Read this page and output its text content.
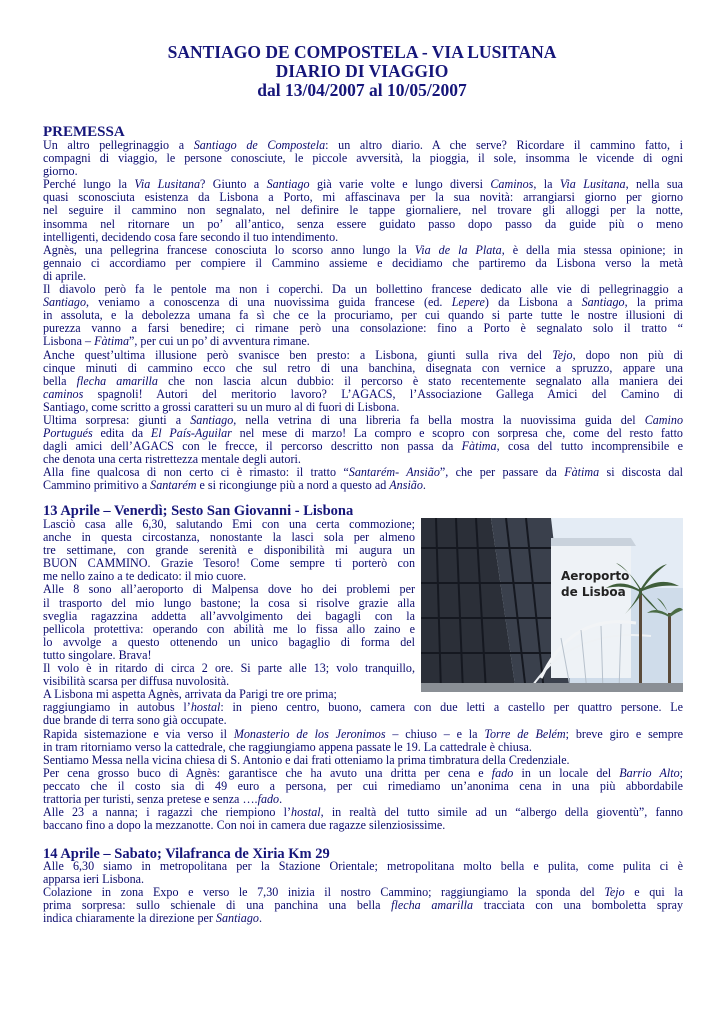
SANTIAGO DE COMPOSTELA - VIA LUSITANA
DIARIO DI VIAGGIO
dal 13/04/2007 al 10/05/2007
PREMESSA
Un altro pellegrinaggio a Santiago de Compostela: un altro diario. A che serve? Ricordare il cammino fatto, i
compagni di viaggio, le persone conosciute, le piccole avversità, la pioggia, il sole, insomma le vicende di ogni
giorno.
Perché lungo la Via Lusitana? Giunto a Santiago già varie volte e lungo diversi Caminos, la Via Lusitana, nella sua
quasi sconosciuta esistenza da Lisbona a Porto, mi affascinava per la sua novità: arrangiarsi giorno per giorno
nel seguire il cammino non segnalato, nel definire le tappe giornaliere, nel trovare gli alloggi per la notte,
insomma nel ritornare un po’ all’antico, senza essere guidato passo dopo passo da guide più o meno
intelligenti, decidendo cosa fare secondo il tuo intendimento.
Agnès, una pellegrina francese conosciuta lo scorso anno lungo la Via de la Plata, è della mia stessa opinione; in
gennaio ci accordiamo per compiere il Cammino assieme e decidiamo che partiremo da Lisbona verso la metà
di aprile.
Il diavolo però fa le pentole ma non i coperchi. Da un bollettino francese dedicato alle vie di pellegrinaggio a
Santiago, veniamo a conoscenza di una nuovissima guida francese (ed. Lepere) da Lisbona a Santiago, la prima
in assoluta, e la debolezza umana fa sì che ce la procuriamo, per cui quando si parte tutte le nostre illusioni di
purezza vanno a farsi benedire; ci rimane però una consolazione: fino a Porto è segnalato solo il tratto “
Lisbona – Fàtima”, per cui un po’ di avventura rimane.
Anche quest’ultima illusione però svanisce ben presto: a Lisbona, giunti sulla riva del Tejo, dopo non più di
cinque minuti di cammino ecco che sul retro di una banchina, disegnata con vernice a spruzzo, appare una
bella flecha amarilla che non lascia alcun dubbio: il percorso è stato recentemente segnalato alla maniera dei
caminos spagnoli! Autori del meritorio lavoro? L’AGACS, l’Associazione Gallega Amici del Camino di
Santiago, come scritto a grossi caratteri su un muro al di fuori di Lisbona.
Ultima sorpresa: giunti a Santiago, nella vetrina di una libreria fa bella mostra la nuovissima guida del Camino
Portugués edita da El País-Aguilar nel mese di marzo! La compro e scopro con sorpresa che, come del resto fatto
dagli amici dell’AGACS con le frecce, il percorso descritto non passa da Fàtima, cosa del tutto incomprensibile e
che denota una certa ristrettezza mentale degli autori.
Alla fine qualcosa di non certo ci è rimasto: il tratto “Santarém- Ansião”, che per passare da Fàtima si discosta dal
Cammino primitivo a Santarém e si ricongiunge più a nord a questo ad Ansião.
13 Aprile – Venerdì; Sesto San Giovanni - Lisbona
Lasciò casa alle 6,30, salutando Emi con una certa commozione;
anche in questa circostanza, nonostante la lasci sola per almeno
tre settimane, con grande serenità e disponibilità mi augura un
BUON CAMMINO. Grazie Tesoro! Come sempre ti porterò con
me nello zaino a te dedicato: il mio cuore.
Alle 8 sono all’aeroporto di Malpensa dove ho dei problemi per
il trasporto del mio lungo bastone; la cosa si risolve grazie alla
sveglia ragazzina addetta all’avvolgimento dei bagagli con la
pellicola protettiva: operando con abilità me lo fissa allo zaino e
lo avvolge a questo ottenendo un unico bagaglio di forma del
tutto singolare. Brava!
Il volo è in ritardo di circa 2 ore. Si parte alle 13; volo tranquillo,
visibilità scarsa per diffusa nuvolosità.
A Lisbona mi aspetta Agnès, arrivata da Parigi tre ore prima;
raggiungiamo in autobus l’hostal: in pieno centro, buono, camera con due letti a castello per quattro persone. Le
due brande di terra sono già occupate.
Rapida sistemazione e via verso il Monasterio de los Jeronimos – chiuso – e la Torre de Belém; breve giro e sempre
in tram ritorniamo verso la cattedrale, che raggiungiamo appena passate le 19. La cattedrale è chiusa.
Sentiamo Messa nella vicina chiesa di S. Antonio e dai frati otteniamo la prima timbratura della Credenziale.
Per cena grosso buco di Agnès: garantisce che ha avuto una dritta per cena e fado in un locale del Barrio Alto;
peccato che il costo sia di 49 euro a persona, per cui rimediamo un’anonima cena in una più abbordabile
trattoria per turisti, senza pretese e senza ….fado.
Alle 23 a nanna; i ragazzi che riempiono l’hostal, in realtà del tutto simile ad un “albergo della gioventù”, fanno
baccano fino a dopo la mezzanotte. Con noi in camera due ragazze silenziosissime.
Aeroporto
de Lisboa
14 Aprile – Sabato; Vilafranca de Xiria Km 29
Alle 6,30 siamo in metropolitana per la Stazione Orientale; metropolitana molto bella e pulita, come pulita ci è
apparsa ieri Lisbona.
Colazione in zona Expo e verso le 7,30 inizia il nostro Cammino; raggiungiamo la sponda del Tejo e qui la
prima sorpresa: sullo schienale di una panchina una bella flecha amarilla tracciata con una bomboletta spray
indica chiaramente la direzione per Santiago.
